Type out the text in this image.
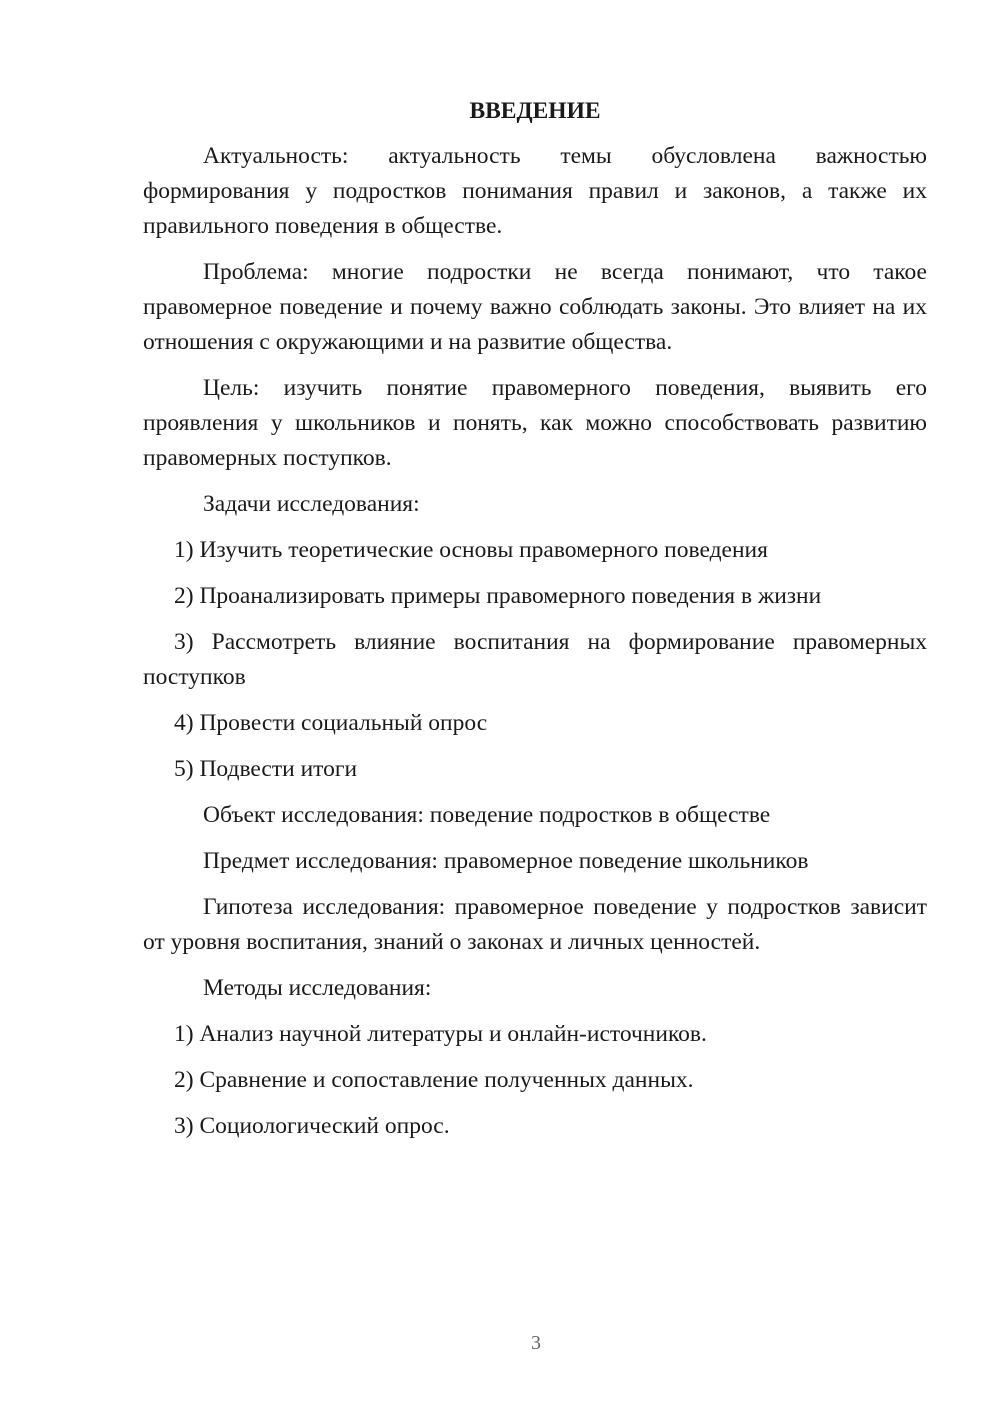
ВВЕДЕНИЕ

Актуальность: актуальность темы обусловлена важностью формирования у подростков понимания правил и законов, а также их правильного поведения в обществе.

Проблема: многие подростки не всегда понимают, что такое правомерное поведение и почему важно соблюдать законы. Это влияет на их отношения с окружающими и на развитие общества.

Цель: изучить понятие правомерного поведения, выявить его проявления у школьников и понять, как можно способствовать развитию правомерных поступков.

Задачи исследования:

1) Изучить теоретические основы правомерного поведения

2) Проанализировать примеры правомерного поведения в жизни

3) Рассмотреть влияние воспитания на формирование правомерных поступков

4) Провести социальный опрос

5) Подвести итоги

Объект исследования: поведение подростков в обществе

Предмет исследования: правомерное поведение школьников

Гипотеза исследования: правомерное поведение у подростков зависит от уровня воспитания, знаний о законах и личных ценностей.

Методы исследования:

1) Анализ научной литературы и онлайн-источников.

2) Сравнение и сопоставление полученных данных.

3) Социологический опрос.

3
